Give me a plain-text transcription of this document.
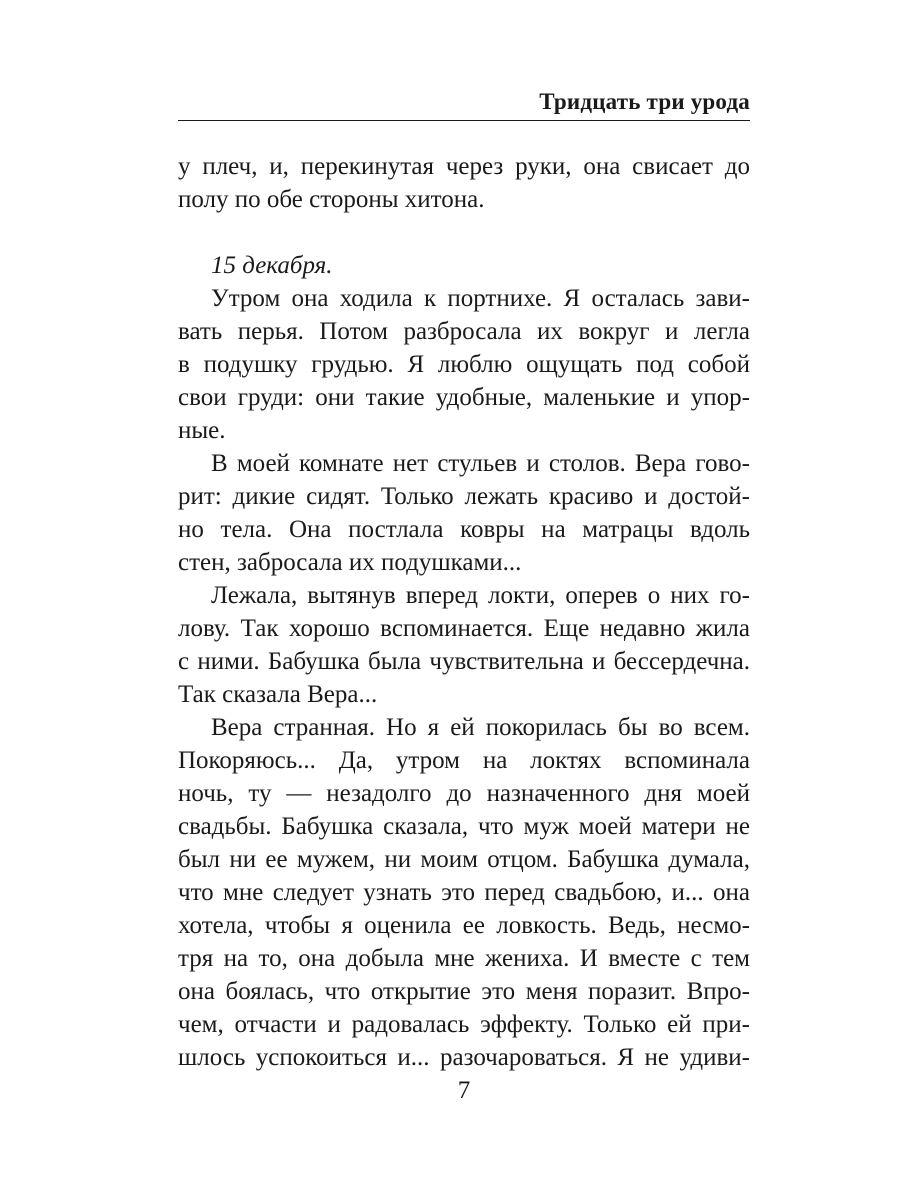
Тридцать три урода
у плеч, и, перекинутая через руки, она свисает до
полу по обе стороны хитона.
15 декабря.
Утром она ходила к портнихе. Я осталась зави-
вать перья. Потом разбросала их вокруг и легла
в подушку грудью. Я люблю ощущать под собой
свои груди: они такие удобные, маленькие и упор-
ные.
В моей комнате нет стульев и столов. Вера гово-
рит: дикие сидят. Только лежать красиво и достой-
но тела. Она постлала ковры на матрацы вдоль
стен, забросала их подушками...
Лежала, вытянув вперед локти, оперев о них го-
лову. Так хорошо вспоминается. Еще недавно жила
с ними. Бабушка была чувствительна и бессердечна.
Так сказала Вера...
Вера странная. Но я ей покорилась бы во всем.
Покоряюсь... Да, утром на локтях вспоминала
ночь, ту — незадолго до назначенного дня моей
свадьбы. Бабушка сказала, что муж моей матери не
был ни ее мужем, ни моим отцом. Бабушка думала,
что мне следует узнать это перед свадьбою, и... она
хотела, чтобы я оценила ее ловкость. Ведь, несмо-
тря на то, она добыла мне жениха. И вместе с тем
она боялась, что открытие это меня поразит. Впро-
чем, отчасти и радовалась эффекту. Только ей при-
шлось успокоиться и... разочароваться. Я не удиви-
7
